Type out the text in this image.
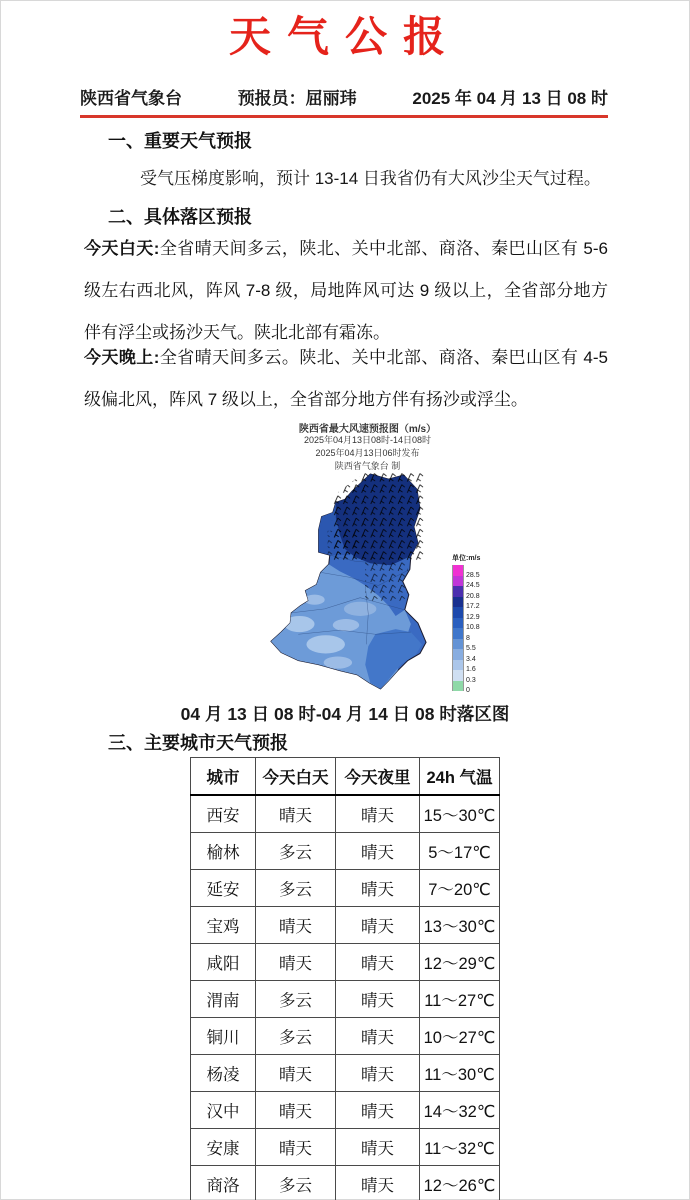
天气公报
陕西省气象台	预报员：屈丽玮	2025 年 04 月 13 日 08 时
一、重要天气预报
受气压梯度影响，预计 13-14 日我省仍有大风沙尘天气过程。
二、具体落区预报
今天白天:全省晴天间多云，陕北、关中北部、商洛、秦巴山区有 5-6 级左右西北风，阵风 7-8 级，局地阵风可达 9 级以上，全省部分地方伴有浮尘或扬沙天气。陕北北部有霜冻。
今天晚上:全省晴天间多云。陕北、关中北部、商洛、秦巴山区有 4-5 级偏北风，阵风 7 级以上，全省部分地方伴有扬沙或浮尘。
陕西省最大风速预报图（m/s）
2025年04月13日08时-14日08时
2025年04月13日06时发布
陕西省气象台 制
单位:m/s
28.5
24.5
20.8
17.2
12.9
10.8
8
5.5
3.4
1.6
0.3
0
04 月 13 日 08 时-04 月 14 日 08 时落区图
三、主要城市天气预报
城市	今天白天	今天夜里	24h 气温
西安	晴天	晴天	15～30℃
榆林	多云	晴天	5～17℃
延安	多云	晴天	7～20℃
宝鸡	晴天	晴天	13～30℃
咸阳	晴天	晴天	12～29℃
渭南	多云	晴天	11～27℃
铜川	多云	晴天	10～27℃
杨凌	晴天	晴天	11～30℃
汉中	晴天	晴天	14～32℃
安康	晴天	晴天	11～32℃
商洛	多云	晴天	12～26℃
